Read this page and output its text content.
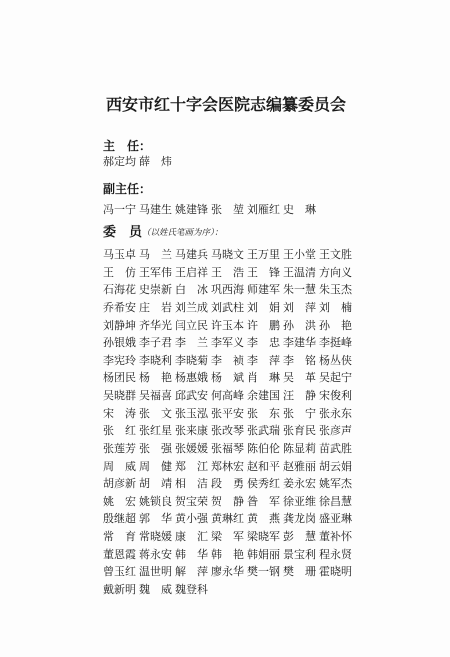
西安市红十字会医院志编纂委员会
主　任：
郝定均 薛　炜
副主任：
冯一宁 马建生 姚建锋 张　堃 刘雁红 史　琳
委　员（以姓氏笔画为序）：
马玉卓 马　兰 马建兵 马晓文 王万里 王小堂 王文胜
王　仿 王军伟 王启祥 王　浩 王　锋 王温清 方向义
石海花 史崇新 白　冰 巩西海 师建军 朱一慧 朱玉杰
乔希安 庄　岩 刘兰成 刘武柱 刘　娟 刘　萍 刘　楠
刘静坤 齐华光 闫立民 许玉本 许　鹏 孙　洪 孙　艳
孙银娥 李子君 李　兰 李军义 李　忠 李建华 李挺峰
李宪玲 李晓利 李晓菊 李　祯 李　萍 李　铭 杨丛侠
杨团民 杨　艳 杨惠娥 杨　斌 肖　琳 吴　革 吴起宁
吴晓群 吴福喜 邱武安 何高峰 余建国 汪　静 宋俊利
宋　涛 张　文 张玉泓 张平安 张　东 张　宁 张永东
张　红 张红星 张来康 张改琴 张武瑞 张育民 张彦声
张莲芳 张　强 张媛媛 张福琴 陈伯伦 陈显莉 苗武胜
周　威 周　健 郑　江 郑林宏 赵和平 赵雅丽 胡云娟
胡彦新 胡　靖 相　洁 段　勇 侯秀红 姜永宏 姚军杰
姚　宏 姚锁良 贺宝荣 贺　静 昝　军 徐亚维 徐昌慧
殷继超 郭　华 黄小强 黄琳红 黄　燕 龚龙岗 盛亚琳
常　育 常晓媛 康　汇 梁　军 梁晓军 彭　慧 董补怀
董恩霞 蒋永安 韩　华 韩　艳 韩娟丽 景宝利 程永贤
曾玉红 温世明 解　萍 廖永华 樊一钢 樊　珊 霍晓明
戴新明 魏　威 魏登科
